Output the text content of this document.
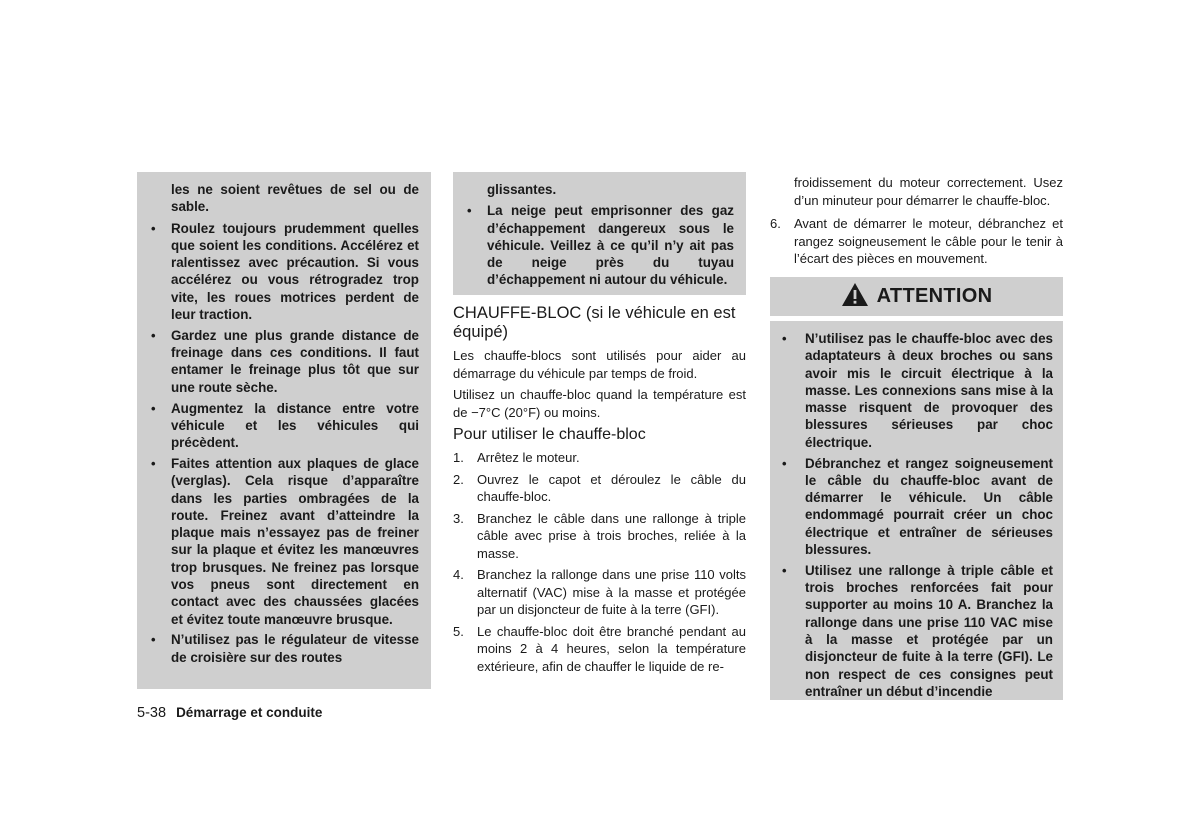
les ne soient revêtues de sel ou de sable.
• Roulez toujours prudemment quelles que soient les conditions. Accélérez et ralentissez avec précaution. Si vous accélérez ou vous rétrogradez trop vite, les roues motrices perdent de leur traction.
• Gardez une plus grande distance de freinage dans ces conditions. Il faut entamer le freinage plus tôt que sur une route sèche.
• Augmentez la distance entre votre véhicule et les véhicules qui précèdent.
• Faites attention aux plaques de glace (verglas). Cela risque d’apparaître dans les parties ombragées de la route. Freinez avant d’atteindre la plaque mais n’essayez pas de freiner sur la plaque et évitez les manœuvres trop brusques. Ne freinez pas lorsque vos pneus sont directement en contact avec des chaussées glacées et évitez toute manœuvre brusque.
• N’utilisez pas le régulateur de vitesse de croisière sur des routes
glissantes.
• La neige peut emprisonner des gaz d’échappement dangereux sous le véhicule. Veillez à ce qu’il n’y ait pas de neige près du tuyau d’échappement ni autour du véhicule.
CHAUFFE-BLOC (si le véhicule en est équipé)

Les chauffe-blocs sont utilisés pour aider au démarrage du véhicule par temps de froid.

Utilisez un chauffe-bloc quand la température est de −7°C (20°F) ou moins.

Pour utiliser le chauffe-bloc
1. Arrêtez le moteur.
2. Ouvrez le capot et déroulez le câble du chauffe-bloc.
3. Branchez le câble dans une rallonge à triple câble avec prise à trois broches, reliée à la masse.
4. Branchez la rallonge dans une prise 110 volts alternatif (VAC) mise à la masse et protégée par un disjoncteur de fuite à la terre (GFI).
5. Le chauffe-bloc doit être branché pendant au moins 2 à 4 heures, selon la température extérieure, afin de chauffer le liquide de re-
froidissement du moteur correctement. Usez d’un minuteur pour démarrer le chauffe-bloc.
6. Avant de démarrer le moteur, débranchez et rangez soigneusement le câble pour le tenir à l’écart des pièces en mouvement.
ATTENTION
• N’utilisez pas le chauffe-bloc avec des adaptateurs à deux broches ou sans avoir mis le circuit électrique à la masse. Les connexions sans mise à la masse risquent de provoquer des blessures sérieuses par choc électrique.
• Débranchez et rangez soigneusement le câble du chauffe-bloc avant de démarrer le véhicule. Un câble endommagé pourrait créer un choc électrique et entraîner de sérieuses blessures.
• Utilisez une rallonge à triple câble et trois broches renforcées fait pour supporter au moins 10 A. Branchez la rallonge dans une prise 110 VAC mise à la masse et protégée par un disjoncteur de fuite à la terre (GFI). Le non respect de ces consignes peut entraîner un début d’incendie
5-38 Démarrage et conduite
